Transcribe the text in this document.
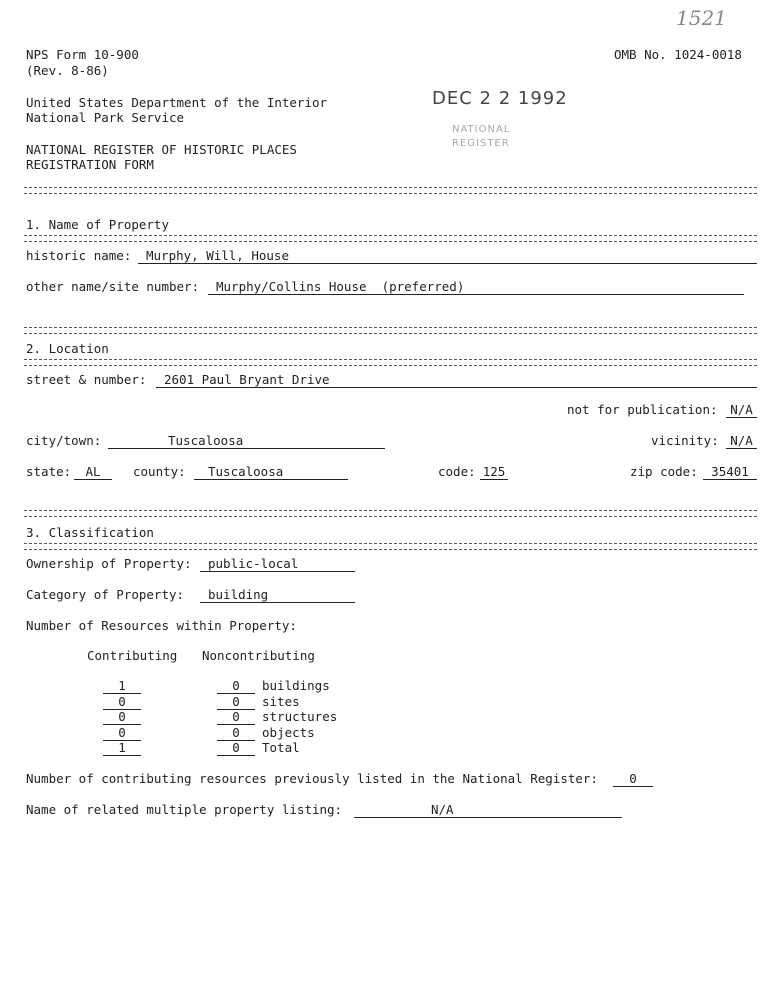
1521
NPS Form 10-900
(Rev. 8-86)
OMB No. 1024-0018
United States Department of the Interior
National Park Service
NATIONAL REGISTER OF HISTORIC PLACES
REGISTRATION FORM
DEC 2 2 1992
NATIONAL
REGISTER
1. Name of Property
historic name:	Murphy, Will, House
other name/site number:	Murphy/Collins House  (preferred)
2. Location
street & number:	2601 Paul Bryant Drive
not for publication:	N/A
city/town:	Tuscaloosa	vicinity: N/A
state:	AL	county:	Tuscaloosa	code: 125	zip code:	35401
3. Classification
Ownership of Property:	public-local
Category of Property:	building
Number of Resources within Property:
Contributing Noncontributing
1	0	buildings
0	0	sites
0	0	structures
0	0	objects
1	0	Total
Number of contributing resources previously listed in the National Register:	0
Name of related multiple property listing:	N/A
